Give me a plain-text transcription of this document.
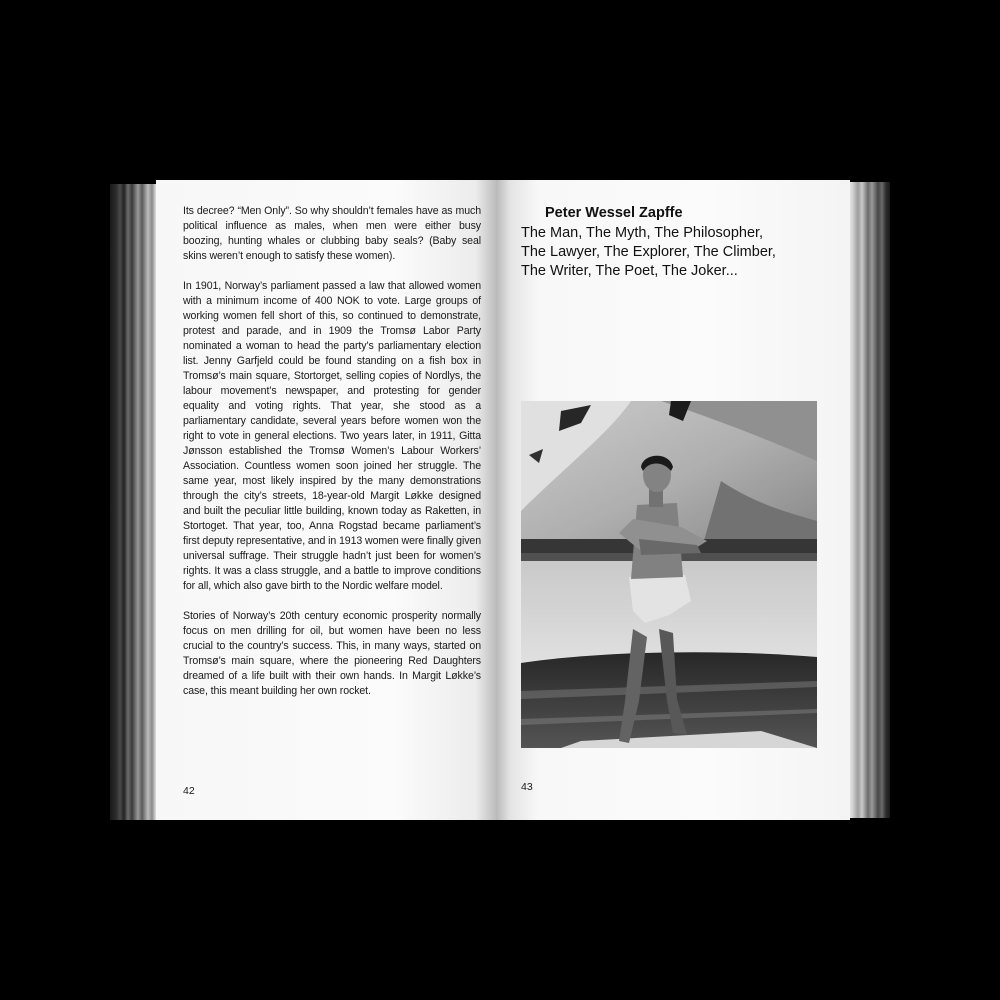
Its decree? “Men Only”. So why shouldn’t females have as much political influence as males, when men were either busy boozing, hunting whales or clubbing baby seals? (Baby seal skins weren’t enough to satisfy these women).

In 1901, Norway’s parliament passed a law that allowed women with a minimum income of 400 NOK to vote. Large groups of working women fell short of this, so continued to demonstrate, protest and parade, and in 1909 the Tromsø Labor Party nominated a woman to head the party’s parliamentary election list. Jenny Garfjeld could be found standing on a fish box in Tromsø’s main square, Stortorget, selling copies of Nordlys, the labour movement’s newspaper, and protesting for gender equality and voting rights. That year, she stood as a parliamentary candidate, several years before women won the right to vote in general elections. Two years later, in 1911, Gitta Jønsson established the Tromsø Women’s Labour Workers’ Association. Countless women soon joined her struggle. The same year, most likely inspired by the many demonstrations through the city’s streets, 18-year-old Margit Løkke designed and built the peculiar little building, known today as Raketten, in Stortoget. That year, too, Anna Rogstad became parliament’s first deputy representative, and in 1913 women were finally given universal suffrage. Their struggle hadn’t just been for women’s rights. It was a class struggle, and a battle to improve conditions for all, which also gave birth to the Nordic welfare model.

Stories of Norway’s 20th century economic prosperity normally focus on men drilling for oil, but women have been no less crucial to the country’s success. This, in many ways, started on Tromsø’s main square, where the pioneering Red Daughters dreamed of a life built with their own hands. In Margit Løkke’s case, this meant building her own rocket.

42
Peter Wessel Zapffe
The Man, The Myth, The Philosopher,
The Lawyer, The Explorer, The Climber,
The Writer, The Poet, The Joker...
43
